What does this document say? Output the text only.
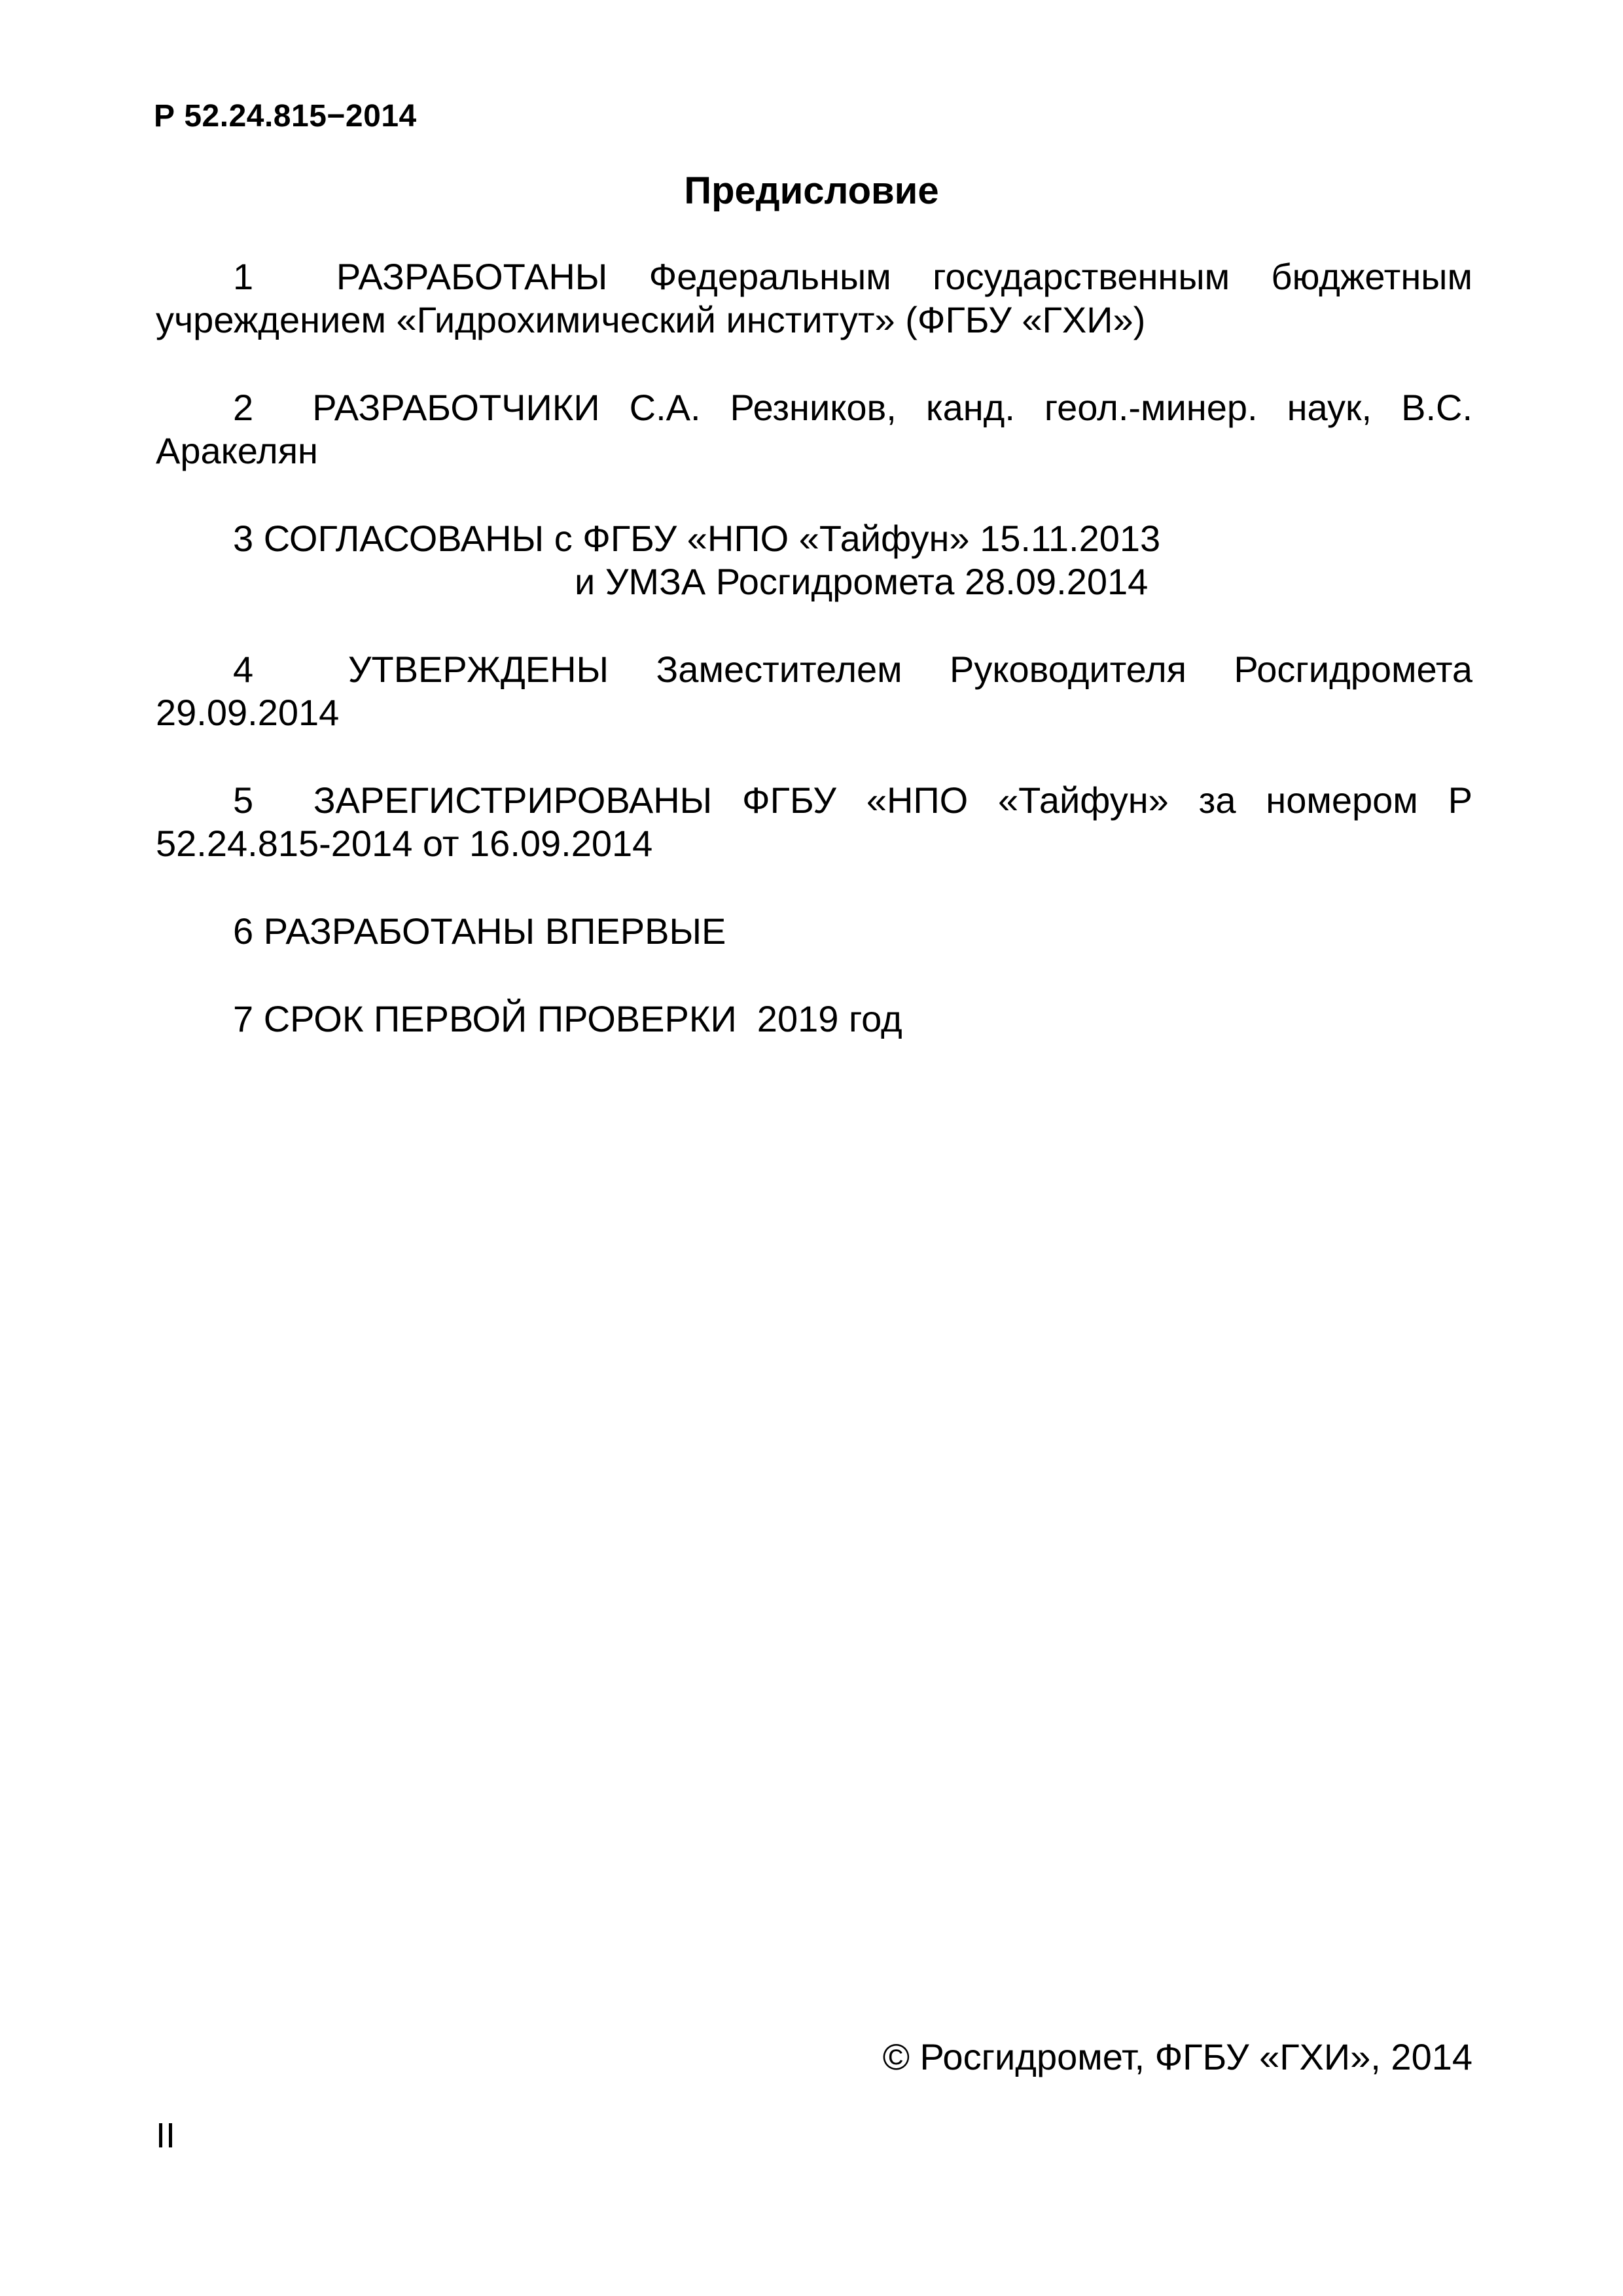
Р 52.24.815−2014
Предисловие

1 РАЗРАБОТАНЫ Федеральным государственным бюджетным учреждением «Гидрохимический институт» (ФГБУ «ГХИ»)

2 РАЗРАБОТЧИКИ С.А. Резников, канд. геол.-минер. наук, В.С. Аракелян

3 СОГЛАСОВАНЫ с ФГБУ «НПО «Тайфун» 15.11.2013
и УМЗА Росгидромета 28.09.2014

4	УТВЕРЖДЕНЫ Заместителем Руководителя Росгидромета 29.09.2014

5 ЗАРЕГИСТРИРОВАНЫ ФГБУ «НПО «Тайфун» за номером Р 52.24.815-2014 от 16.09.2014

6 РАЗРАБОТАНЫ ВПЕРВЫЕ

7 СРОК ПЕРВОЙ ПРОВЕРКИ  2019 год

© Росгидромет, ФГБУ «ГХИ», 2014
II
